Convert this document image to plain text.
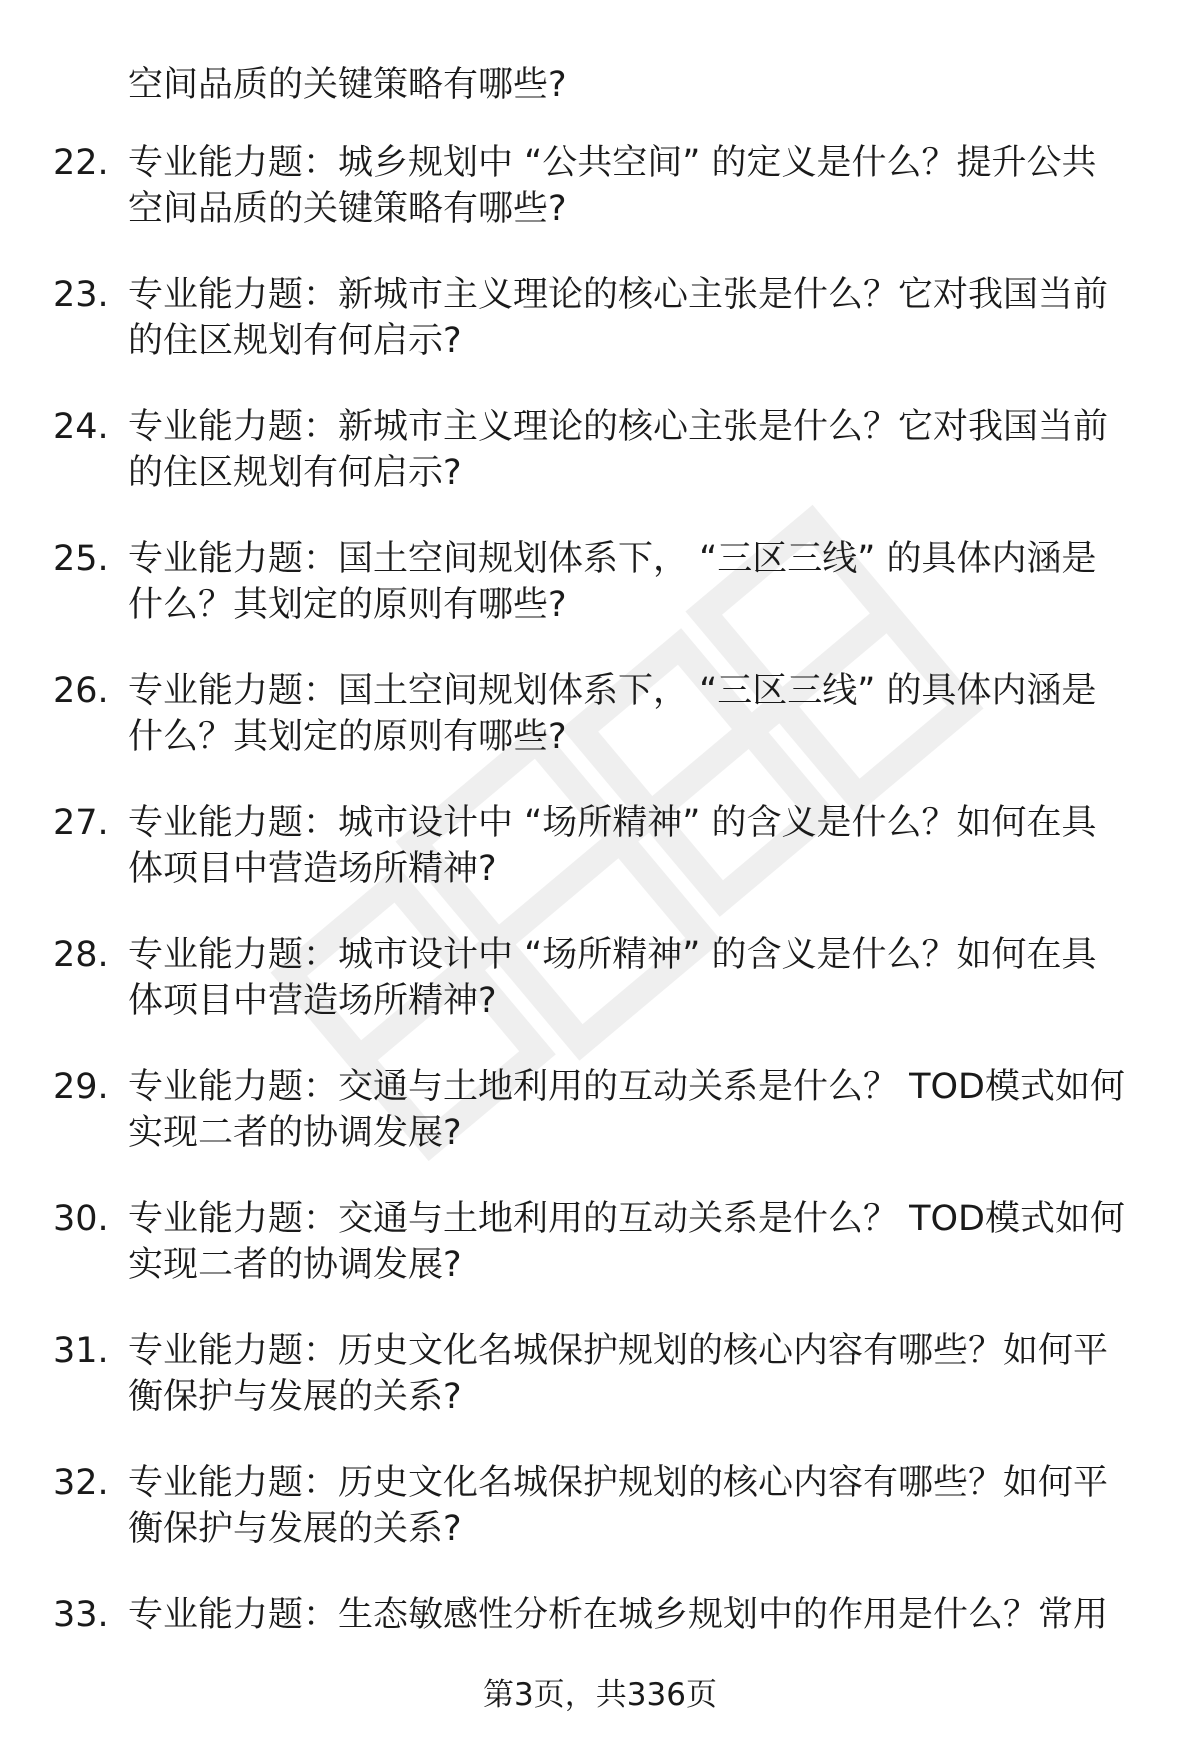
空间品质的关键策略有哪些?
22. 专业能力题：城乡规划中 “公共空间” 的定义是什么？提升公共
空间品质的关键策略有哪些?
23. 专业能力题：新城市主义理论的核心主张是什么？它对我国当前
的住区规划有何启示?
24. 专业能力题：新城市主义理论的核心主张是什么？它对我国当前
的住区规划有何启示?
25. 专业能力题：国土空间规划体系下， “三区三线” 的具体内涵是
什么？其划定的原则有哪些?
26. 专业能力题：国土空间规划体系下， “三区三线” 的具体内涵是
什么？其划定的原则有哪些?
27. 专业能力题：城市设计中 “场所精神” 的含义是什么？如何在具
体项目中营造场所精神?
28. 专业能力题：城市设计中 “场所精神” 的含义是什么？如何在具
体项目中营造场所精神?
29. 专业能力题：交通与土地利用的互动关系是什么？ TOD模式如何
实现二者的协调发展?
30. 专业能力题：交通与土地利用的互动关系是什么？ TOD模式如何
实现二者的协调发展?
31. 专业能力题：历史文化名城保护规划的核心内容有哪些？如何平
衡保护与发展的关系?
32. 专业能力题：历史文化名城保护规划的核心内容有哪些？如何平
衡保护与发展的关系?
33. 专业能力题：生态敏感性分析在城乡规划中的作用是什么？常用
第3页，共336页
